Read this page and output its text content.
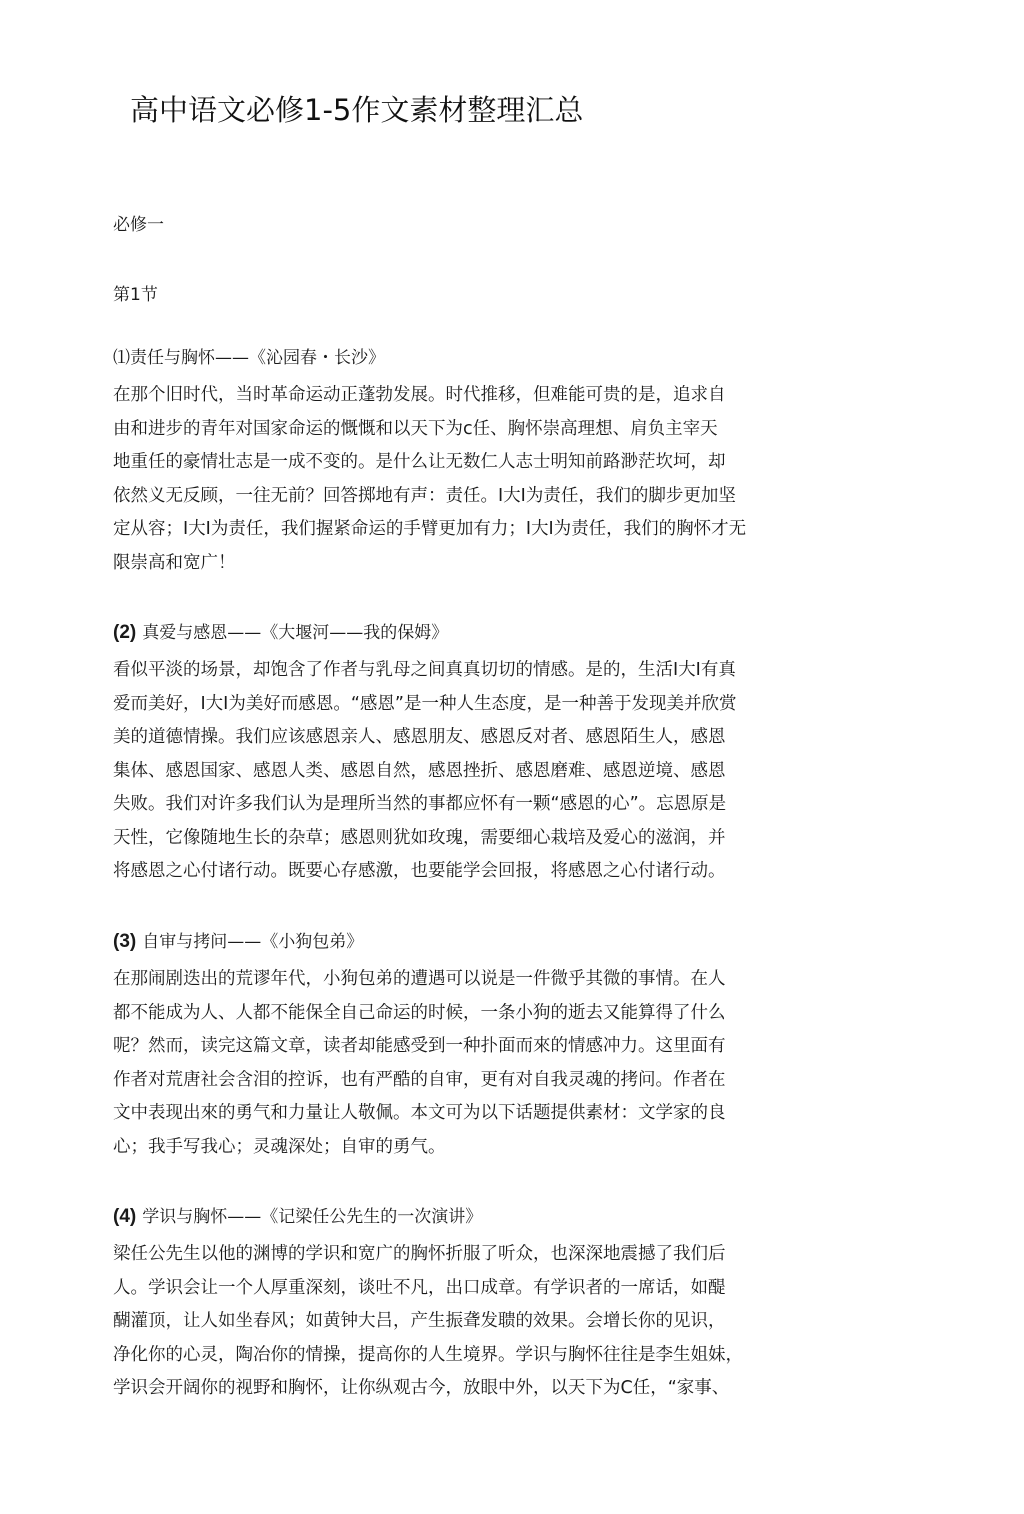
高中语文必修1-5作文素材整理汇总

必修一

第1节

⑴责任与胸怀——《沁园春・长沙》

在那个旧时代，当时革命运动正蓬勃发展。时代推移，但难能可贵的是，追求自

由和进步的青年对国家命运的慨慨和以天下为c任、胸怀崇高理想、肩负主宰天

地重任的豪情壮志是一成不变的。是什么让无数仁人志士明知前路渺茫坎坷，却

依然义无反顾，一往无前？回答掷地有声：责任。I大I为责任，我们的脚步更加坚

定从容；I大I为责任，我们握紧命运的手臂更加有力；I大I为责任，我们的胸怀才无

限崇高和宽广！

(2) 真爱与感恩——《大堰河——我的保姆》

看似平淡的场景，却饱含了作者与乳母之间真真切切的情感。是的，生活I大I有真

爱而美好，I大I为美好而感恩。“感恩”是一种人生态度，是一种善于发现美并欣赏

美的道德情操。我们应该感恩亲人、感恩朋友、感恩反对者、感恩陌生人，感恩

集体、感恩国家、感恩人类、感恩自然，感恩挫折、感恩磨难、感恩逆境、感恩

失败。我们对许多我们认为是理所当然的事都应怀有一颗“感恩的心”。忘恩原是

天性，它像随地生长的杂草；感恩则犹如玫瑰，需要细心栽培及爱心的滋润，并

将感恩之心付诸行动。既要心存感激，也要能学会回报，将感恩之心付诸行动。

(3) 自审与拷问——《小狗包弟》

在那闹剧迭出的荒谬年代，小狗包弟的遭遇可以说是一件微乎其微的事情。在人

都不能成为人、人都不能保全自己命运的时候，一条小狗的逝去又能算得了什么

呢？然而，读完这篇文章，读者却能感受到一种扑面而來的情感冲力。这里面有

作者对荒唐社会含泪的控诉，也有严酷的自审，更有对自我灵魂的拷问。作者在

文中表现出來的勇气和力量让人敬佩。本文可为以下话题提供素材：文学家的良

心；我手写我心；灵魂深处；自审的勇气。

(4) 学识与胸怀——《记梁任公先生的一次演讲》

梁任公先生以他的渊博的学识和宽广的胸怀折服了听众，也深深地震撼了我们后

人。学识会让一个人厚重深刻，谈吐不凡，出口成章。有学识者的一席话，如醍

醐灌顶，让人如坐春风；如黄钟大吕，产生振聋发聩的效果。会增长你的见识，

净化你的心灵，陶冶你的情操，提高你的人生境界。学识与胸怀往往是李生姐妹，

学识会开阔你的视野和胸怀，让你纵观古今，放眼中外，以天下为C任，“家事、
